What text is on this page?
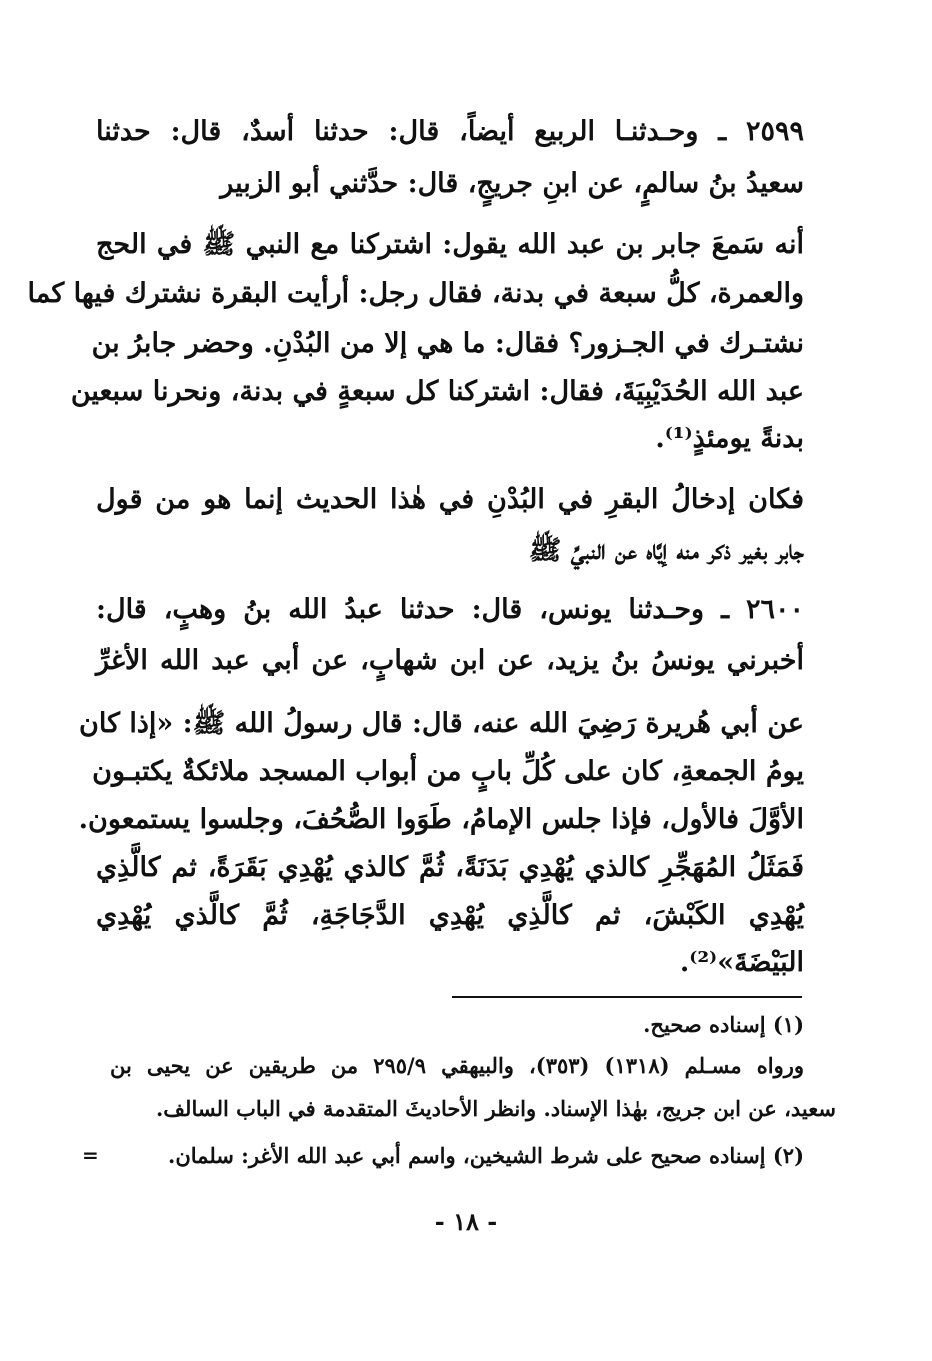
٢٥٩٩ ـ وحـدثنـا الربيع أيضاً، قال: حدثنا أسدٌ، قال: حدثنا
سعيدُ بنُ سالمٍ، عن ابنِ جريجٍ، قال: حدَّثني أبو الزبير
أنه سَمعَ جابر بن عبد الله يقول: اشتركنا مع النبي ﷺ في الحج
والعمرة، كلُّ سبعة في بدنة، فقال رجل: أرأيت البقرة نشترك فيها كما
نشتـرك في الجـزور؟ فقال: ما هي إلا من البُدْنِ. وحضر جابرُ بن
عبد الله الحُدَيْبِيَةَ، فقال: اشتركنا كل سبعةٍ في بدنة، ونحرنا سبعين
بدنةً يومئذٍ⁽¹⁾.
فكان إدخالُ البقرِ في البُدْنِ في هٰذا الحديث إنما هو من قول
جابر بغير ذكر منه إيَّاه عن النبيِّ ﷺ
٢٦٠٠ ـ وحـدثنا يونس، قال: حدثنا عبدُ الله بنُ وهبٍ، قال:
أخبرني يونسُ بنُ يزيد، عن ابن شهابٍ، عن أبي عبد الله الأغرِّ
عن أبي هُريرة رَضِيَ الله عنه، قال: قال رسولُ الله ﷺ: «إذا كان
يومُ الجمعةِ، كان على كُلِّ بابٍ من أبواب المسجد ملائكةٌ يكتبـون
الأوَّلَ فالأول، فإذا جلس الإمامُ، طَوَوا الصُّحُفَ، وجلسوا يستمعون.
فَمَثَلُ المُهَجِّرِ كالذي يُهْدِي بَدَنَةً، ثُمَّ كالذي يُهْدِي بَقَرَةً، ثم كالَّذِي
يُهْدِي الكَبْشَ، ثم كالَّذِي يُهْدِي الدَّجَاجَةِ، ثُمَّ كالَّذي يُهْدِي
البَيْضَةَ»⁽²⁾.
(١) إسناده صحيح.
ورواه مسـلم (١٣١٨) (٣٥٣)، والبيهقي ٢٩٥/٩ من طريقين عن يحيى بن
سعيد، عن ابن جريج، بهٰذا الإسناد. وانظر الأحاديثَ المتقدمة في الباب السالف.
(٢) إسناده صحيح على شرط الشيخين، واسم أبي عبد الله الأغر: سلمان.
=
- ١٨ -
